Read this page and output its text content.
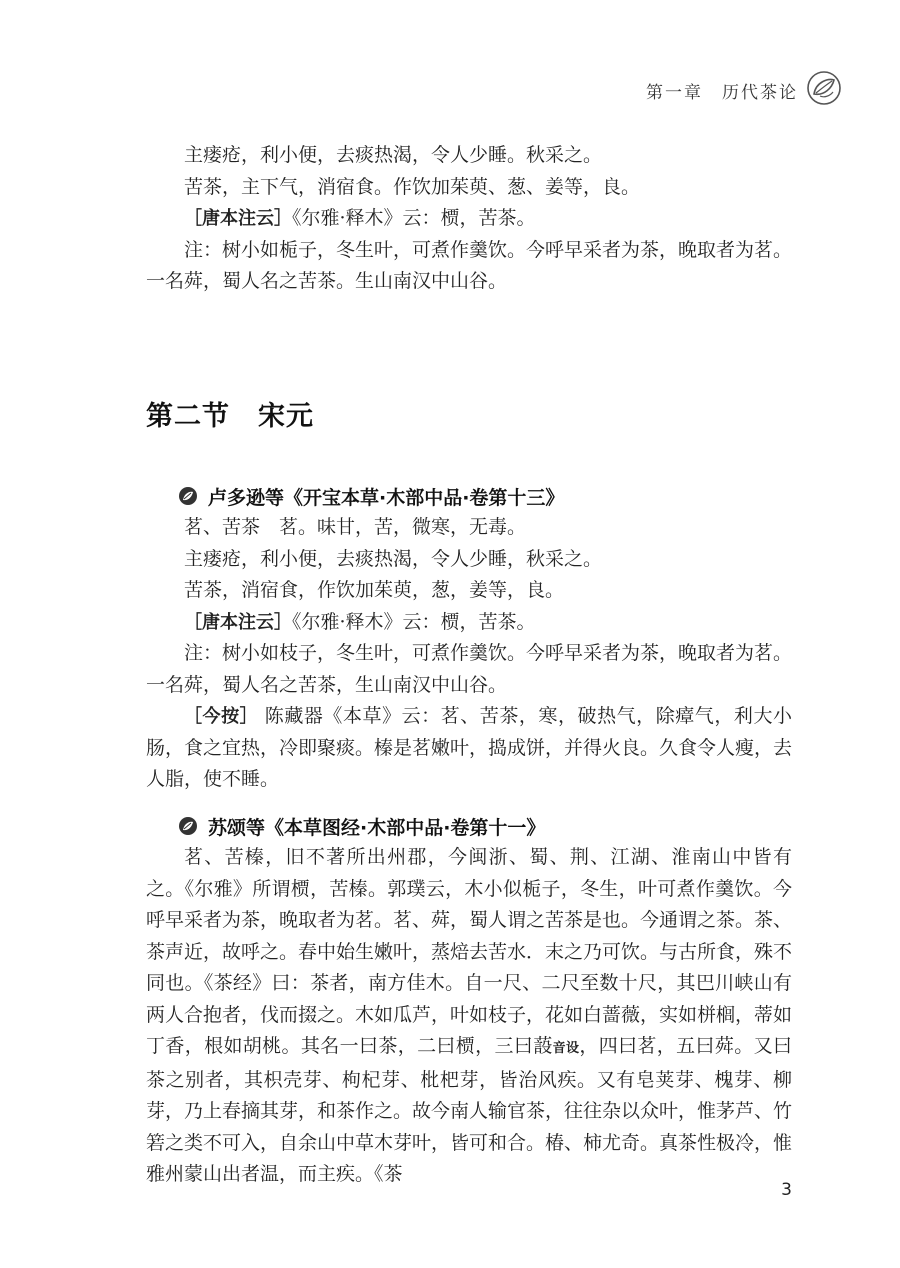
第一章　历代茶论

主瘘疮，利小便，去痰热渴，令人少睡。秋采之。

苦茶，主下气，消宿食。作饮加茱萸、葱、姜等，良。

［唐本注云］《尔雅·释木》云：槚，苦茶。

注：树小如栀子，冬生叶，可煮作羹饮。今呼早采者为茶，晚取者为茗。一名荈，蜀人名之苦茶。生山南汉中山谷。

第二节　宋元
卢多逊等《开宝本草·木部中品·卷第十三》

茗、苦茶　茗。味甘，苦，微寒，无毒。

主瘘疮，利小便，去痰热渴，令人少睡，秋采之。

苦茶，消宿食，作饮加茱萸，葱，姜等，良。

［唐本注云］《尔雅·释木》云：槚，苦茶。

注：树小如枝子，冬生叶，可煮作羹饮。今呼早采者为茶，晚取者为茗。一名荈，蜀人名之苦茶，生山南汉中山谷。

［今按］ 陈藏器《本草》云：茗、苦茶，寒，破热气，除瘴气，利大小肠，食之宜热，冷即聚痰。榛是茗嫩叶，捣成饼，并得火良。久食令人瘦，去人脂，使不睡。

苏颂等《本草图经·木部中品·卷第十一》

茗、苦榛，旧不著所出州郡，今闽浙、蜀、荆、江湖、淮南山中皆有之。《尔雅》所谓槚，苦榛。郭璞云，木小似栀子，冬生，叶可煮作羹饮。今呼早采者为茶，晚取者为茗。茗、荈，蜀人谓之苦茶是也。今通谓之茶。茶、茶声近，故呼之。春中始生嫩叶，蒸焙去苦水．末之乃可饮。与古所食，殊不同也。《茶经》曰：茶者，南方佳木。自一尺、二尺至数十尺，其巴川峡山有两人合抱者，伐而掇之。木如瓜芦，叶如枝子，花如白蔷薇，实如栟榈，蒂如丁香，根如胡桃。其名一曰茶，二曰槚，三曰蔎音设，四曰茗，五曰荈。又曰茶之别者，其枳壳芽、枸杞芽、枇杷芽，皆治风疾。又有皂荚芽、槐芽、柳芽，乃上春摘其芽，和茶作之。故今南人输官茶，往往杂以众叶，惟茅芦、竹箬之类不可入，自余山中草木芽叶，皆可和合。椿、柿尤奇。真茶性极冷，惟雅州蒙山出者温，而主疾。《茶

3
